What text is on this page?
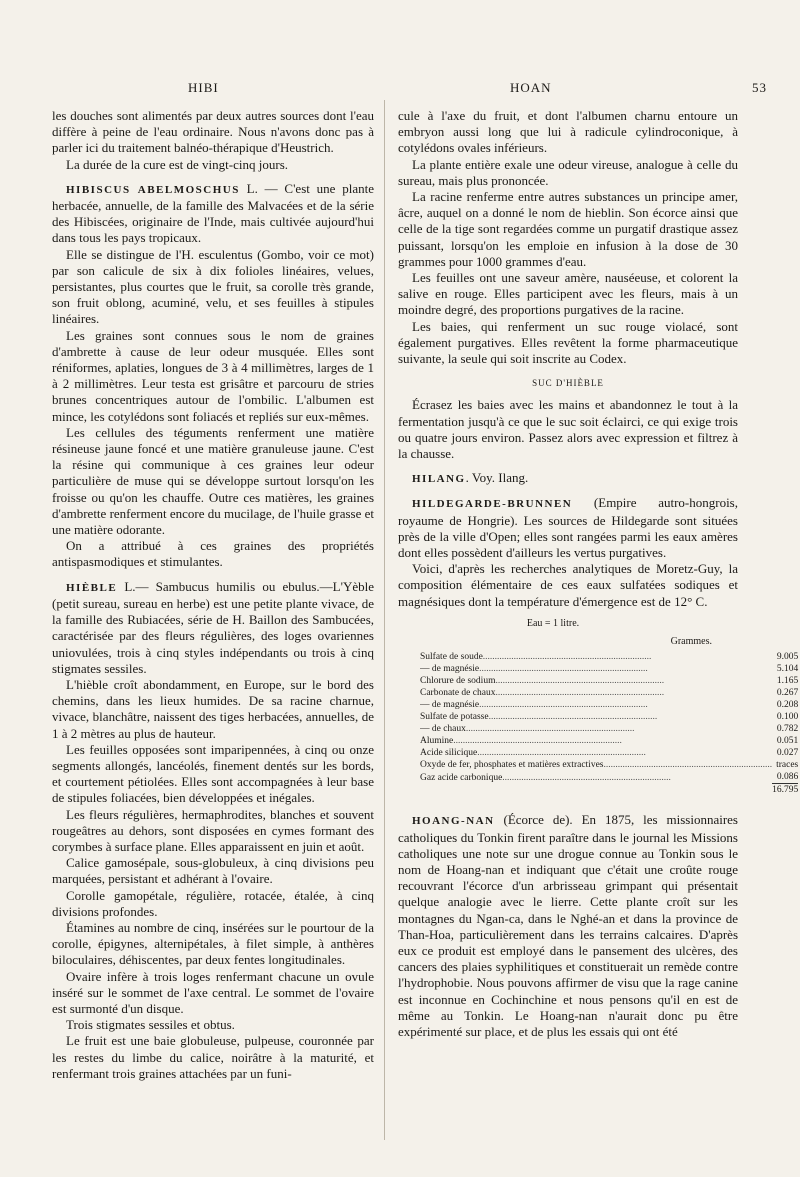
HIBI	HOAN	53

les douches sont alimentés par deux autres sources dont l'eau diffère à peine de l'eau ordinaire. Nous n'avons donc pas à parler ici du traitement balnéo-thérapique d'Heustrich.

La durée de la cure est de vingt-cinq jours.

HIBISCUS ABELMOSCHUS L. — C'est une plante herbacée, annuelle, de la famille des Malvacées et de la série des Hibiscées, originaire de l'Inde, mais cultivée aujourd'hui dans tous les pays tropicaux.

Elle se distingue de l'H. esculentus (Gombo, voir ce mot) par son calicule de six à dix folioles linéaires, velues, persistantes, plus courtes que le fruit, sa corolle très grande, son fruit oblong, acuminé, velu, et ses feuilles à stipules linéaires.

Les graines sont connues sous le nom de graines d'ambrette à cause de leur odeur musquée. Elles sont réniformes, aplaties, longues de 3 à 4 millimètres, larges de 1 à 2 millimètres. Leur testa est grisâtre et parcouru de stries brunes concentriques autour de l'ombilic. L'albumen est mince, les cotylédons sont foliacés et repliés sur eux-mêmes.

Les cellules des téguments renferment une matière résineuse jaune foncé et une matière granuleuse jaune. C'est la résine qui communique à ces graines leur odeur particulière de muse qui se développe surtout lorsqu'on les froisse ou qu'on les chauffe. Outre ces matières, les graines d'ambrette renferment encore du mucilage, de l'huile grasse et une matière odorante.

On a attribué à ces graines des propriétés antispasmodiques et stimulantes.

HIÈBLE L.— Sambucus humilis ou ebulus.—L'Yèble (petit sureau, sureau en herbe) est une petite plante vivace, de la famille des Rubiacées, série de H. Baillon des Sambucées, caractérisée par des fleurs régulières, des loges ovariennes uniovulées, trois à cinq styles indépendants ou trois à cinq stigmates sessiles.

L'hièble croît abondamment, en Europe, sur le bord des chemins, dans les lieux humides. De sa racine charnue, vivace, blanchâtre, naissent des tiges herbacées, annuelles, de 1 à 2 mètres au plus de hauteur.

Les feuilles opposées sont imparipennées, à cinq ou onze segments allongés, lancéolés, finement dentés sur les bords, et courtement pétiolées. Elles sont accompagnées à leur base de stipules foliacées, bien développées et inégales.

Les fleurs régulières, hermaphrodites, blanches et souvent rougeâtres au dehors, sont disposées en cymes formant des corymbes à surface plane. Elles apparaissent en juin et août.

Calice gamosépale, sous-globuleux, à cinq divisions peu marquées, persistant et adhérant à l'ovaire.

Corolle gamopétale, régulière, rotacée, étalée, à cinq divisions profondes.

Étamines au nombre de cinq, insérées sur le pourtour de la corolle, épigynes, alternipétales, à filet simple, à anthères biloculaires, déhiscentes, par deux fentes longitudinales.

Ovaire infère à trois loges renfermant chacune un ovule inséré sur le sommet de l'axe central. Le sommet de l'ovaire est surmonté d'un disque.

Trois stigmates sessiles et obtus.

Le fruit est une baie globuleuse, pulpeuse, couronnée par les restes du limbe du calice, noirâtre à la maturité, et renfermant trois graines attachées par un funi-

cule à l'axe du fruit, et dont l'albumen charnu entoure un embryon aussi long que lui à radicule cylindroconique, à cotylédons ovales inférieurs.

La plante entière exale une odeur vireuse, analogue à celle du sureau, mais plus prononcée.

La racine renferme entre autres substances un principe amer, âcre, auquel on a donné le nom de hieblin. Son écorce ainsi que celle de la tige sont regardées comme un purgatif drastique assez puissant, lorsqu'on les emploie en infusion à la dose de 30 grammes pour 1000 grammes d'eau.

Les feuilles ont une saveur amère, nauséeuse, et colorent la salive en rouge. Elles participent avec les fleurs, mais à un moindre degré, des proportions purgatives de la racine.

Les baies, qui renferment un suc rouge violacé, sont également purgatives. Elles revêtent la forme pharmaceutique suivante, la seule qui soit inscrite au Codex.

SUC D'HIÈBLE

Écrasez les baies avec les mains et abandonnez le tout à la fermentation jusqu'à ce que le suc soit éclairci, ce qui exige trois ou quatre jours environ. Passez alors avec expression et filtrez à la chausse.

HILANG. Voy. Ilang.

HILDEGARDE-BRUNNEN (Empire autro-hongrois, royaume de Hongrie). Les sources de Hildegarde sont situées près de la ville d'Open; elles sont rangées parmi les eaux amères dont elles possèdent d'ailleurs les vertus purgatives.

Voici, d'après les recherches analytiques de Moretz-Guy, la composition élémentaire de ces eaux sulfatées sodiques et magnésiques dont la température d'émergence est de 12° C.

Eau = 1 litre.
Grammes.
Sulfate de soude.......................................................................	9.005
— de magnésie.......................................................................	5.104
Chlorure de sodium.......................................................................	1.165
Carbonate de chaux.......................................................................	0.267
— de magnésie.......................................................................	0.208
Sulfate de potasse.......................................................................	0.100
— de chaux.......................................................................	0.782
Alumine.......................................................................	0.051
Acide silicique.......................................................................	0.027
Oxyde de fer, phosphates et matières extractives.......................................................................	traces
Gaz acide carbonique.......................................................................	0.086
	16.795

HOANG-NAN (Écorce de). En 1875, les missionnaires catholiques du Tonkin firent paraître dans le journal les Missions catholiques une note sur une drogue connue au Tonkin sous le nom de Hoang-nan et indiquant que c'était une croûte rouge recouvrant l'écorce d'un arbrisseau grimpant qui présentait quelque analogie avec le lierre. Cette plante croît sur les montagnes du Ngan-ca, dans le Nghé-an et dans la province de Than-Hoa, particulièrement dans les terrains calcaires. D'après eux ce produit est employé dans le pansement des ulcères, des cancers des plaies syphilitiques et constituerait un remède contre l'hydrophobie. Nous pouvons affirmer de visu que la rage canine est inconnue en Cochinchine et nous pensons qu'il en est de même au Tonkin. Le Hoang-nan n'aurait donc pu être expérimenté sur place, et de plus les essais qui ont été
